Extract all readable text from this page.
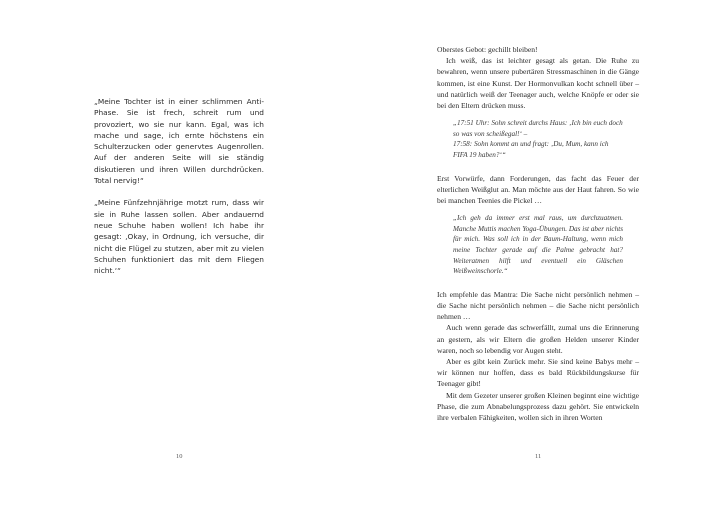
„Meine Tochter ist in einer schlimmen Anti-Phase. Sie ist frech, schreit rum und provoziert, wo sie nur kann. Egal, was ich mache und sage, ich ernte höchstens ein Schulterzucken oder genervtes Augenrollen. Auf der anderen Seite will sie ständig diskutieren und ihren Willen durchdrücken. Total nervig!“

„Meine Fünfzehnjährige motzt rum, dass wir sie in Ruhe lassen sollen. Aber andauernd neue Schuhe haben wollen! Ich habe ihr gesagt: ‚Okay, in Ordnung, ich versuche, dir nicht die Flügel zu stutzen, aber mit zu vielen Schuhen funktioniert das mit dem Fliegen nicht.‘“

10

Oberstes Gebot: gechillt bleiben!

Ich weiß, das ist leichter gesagt als getan. Die Ruhe zu bewahren, wenn unsere pubertären Stressmaschinen in die Gänge kommen, ist eine Kunst. Der Hormonvulkan kocht schnell über – und natürlich weiß der Teenager auch, welche Knöpfe er oder sie bei den Eltern drücken muss.

„17:51 Uhr: Sohn schreit durchs Haus: ‚Ich bin euch doch
so was von scheißegal!‘ –
17:58: Sohn kommt an und fragt: ‚Du, Mum, kann ich
FIFA 19 haben?‘“

Erst Vorwürfe, dann Forderungen, das facht das Feuer der elterlichen Weißglut an. Man möchte aus der Haut fahren. So wie bei manchen Teenies die Pickel …

„Ich geh da immer erst mal raus, um durchzuatmen. Manche Muttis machen Yoga-Übungen. Das ist aber nichts für mich. Was soll ich in der Baum-Haltung, wenn mich meine Tochter gerade auf die Palme gebracht hat? Weiteratmen hilft und eventuell ein Gläschen Weißweinschorle.“

Ich empfehle das Mantra: Die Sache nicht persönlich nehmen – die Sache nicht persönlich nehmen – die Sache nicht persönlich nehmen …

Auch wenn gerade das schwerfällt, zumal uns die Erinnerung an gestern, als wir Eltern die großen Helden unserer Kinder waren, noch so lebendig vor Augen steht.

Aber es gibt kein Zurück mehr. Sie sind keine Babys mehr – wir können nur hoffen, dass es bald Rückbildungskurse für Teenager gibt!

Mit dem Gezeter unserer großen Kleinen beginnt eine wichtige Phase, die zum Abnabelungsprozess dazu gehört. Sie entwickeln ihre verbalen Fähigkeiten, wollen sich in ihren Worten

11
